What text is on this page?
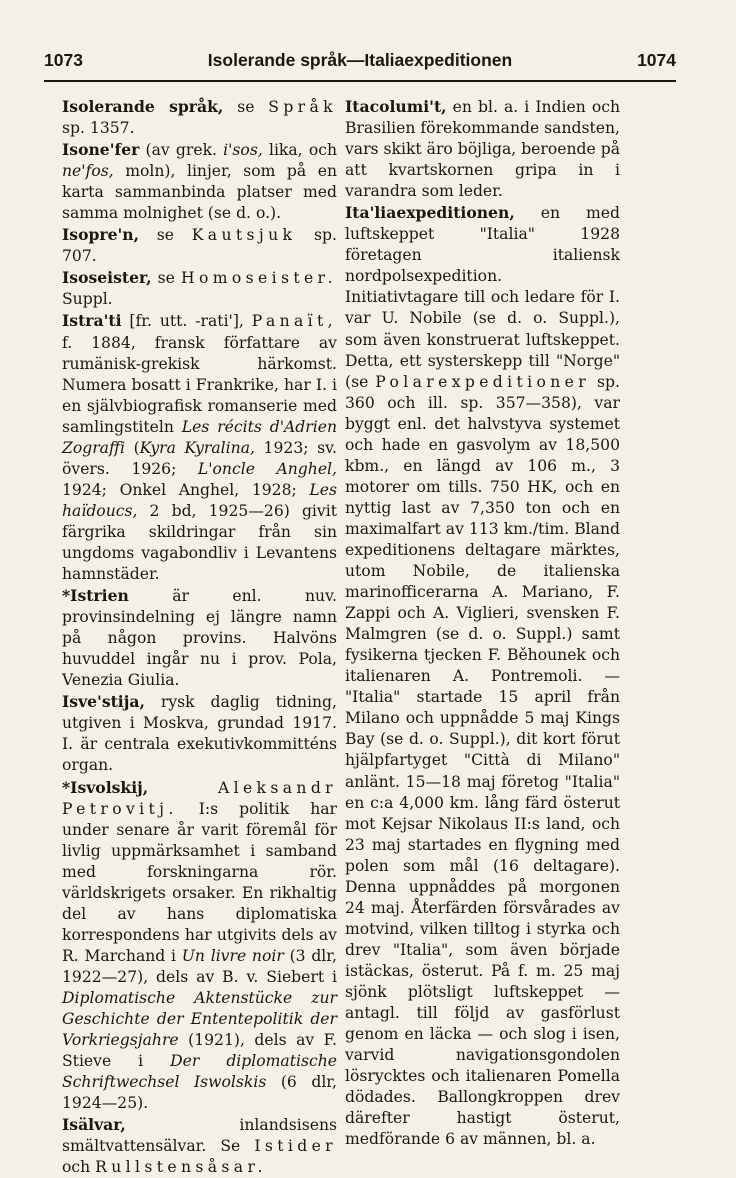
1073	Isolerande språk—Italiaexpeditionen	1074

Isolerande språk, se Språk sp. 1357.

Isone'fer (av grek. i'sos, lika, och ne'fos, moln), linjer, som på en karta sammanbinda platser med samma molnighet (se d. o.).

Isopre'n, se Kautsjuk sp. 707.

Isoseister, se Homoseister. Suppl.

Istra'ti [fr. utt. -rati'], Panaït, f. 1884, fransk författare av rumänisk-grekisk härkomst. Numera bosatt i Frankrike, har I. i en självbiografisk romanserie med samlingstiteln Les récits d'Adrien Zograffi (Kyra Kyralina, 1923; sv. övers. 1926; L'oncle Anghel, 1924; Onkel Anghel, 1928; Les haïdoucs, 2 bd, 1925—26) givit färgrika skildringar från sin ungdoms vagabondliv i Levantens hamnstäder.

*Istrien är enl. nuv. provinsindelning ej längre namn på någon provins. Halvöns huvuddel ingår nu i prov. Pola, Venezia Giulia.

Isve'stija, rysk daglig tidning, utgiven i Moskva, grundad 1917. I. är centrala exekutivkommitténs organ.

*Isvolskij,	Aleksandr Petrovitj. I:s politik har under senare år varit föremål för livlig uppmärksamhet i samband med forskningarna rör. världskrigets orsaker. En rikhaltig del av hans diplomatiska korrespondens har utgivits dels av R. Marchand i Un livre noir (3 dlr, 1922—27), dels av B. v. Siebert i Diplomatische Aktenstücke zur Geschichte der Ententepolitik der Vorkriegsjahre (1921), dels av F. Stieve i Der diplomatische Schriftwechsel Iswolskis (6 dlr, 1924—25).

Isälvar, inlandsisens smältvattensälvar. Se Istider och Rullstensåsar.

Itacolumi't, en bl. a. i Indien och Brasilien förekommande sandsten, vars skikt äro böjliga, beroende på att kvartskornen gripa in i varandra som leder.

Ita'liaexpeditionen, en med luftskeppet "Italia" 1928 företagen italiensk nordpolsexpedition. Initiativtagare till och ledare för I. var U. Nobile (se d. o. Suppl.), som även konstruerat luftskeppet. Detta, ett systerskepp till "Norge" (se Polarexpeditioner sp. 360 och ill. sp. 357—358), var byggt enl. det halvstyva systemet och hade en gasvolym av 18,500 kbm., en längd av 106 m., 3 motorer om tills. 750 HK, och en nyttig last av 7,350 ton och en maximalfart av 113 km./tim. Bland expeditionens deltagare märktes, utom Nobile, de italienska marinofficerarna A. Mariano, F. Zappi och A. Viglieri, svensken F. Malmgren (se d. o. Suppl.) samt fysikerna tjecken F. Běhounek och italienaren A. Pontremoli. — "Italia" startade 15 april från Milano och uppnådde 5 maj Kings Bay (se d. o. Suppl.), dit kort förut hjälpfartyget "Città di Milano" anlänt. 15—18 maj företog "Italia" en c:a 4,000 km. lång färd österut mot Kejsar Nikolaus II:s land, och 23 maj startades en flygning med polen som mål (16 deltagare). Denna uppnåddes på morgonen 24 maj. Återfärden försvårades av motvind, vilken tilltog i styrka och drev "Italia", som även började istäckas, österut. På f. m. 25 maj sjönk plötsligt luftskeppet — antagl. till följd av gasförlust genom en läcka — och slog i isen, varvid navigationsgondolen lösrycktes och italienaren Pomella dödades. Ballongkroppen drev därefter hastigt österut, medförande 6 av männen, bl. a.
